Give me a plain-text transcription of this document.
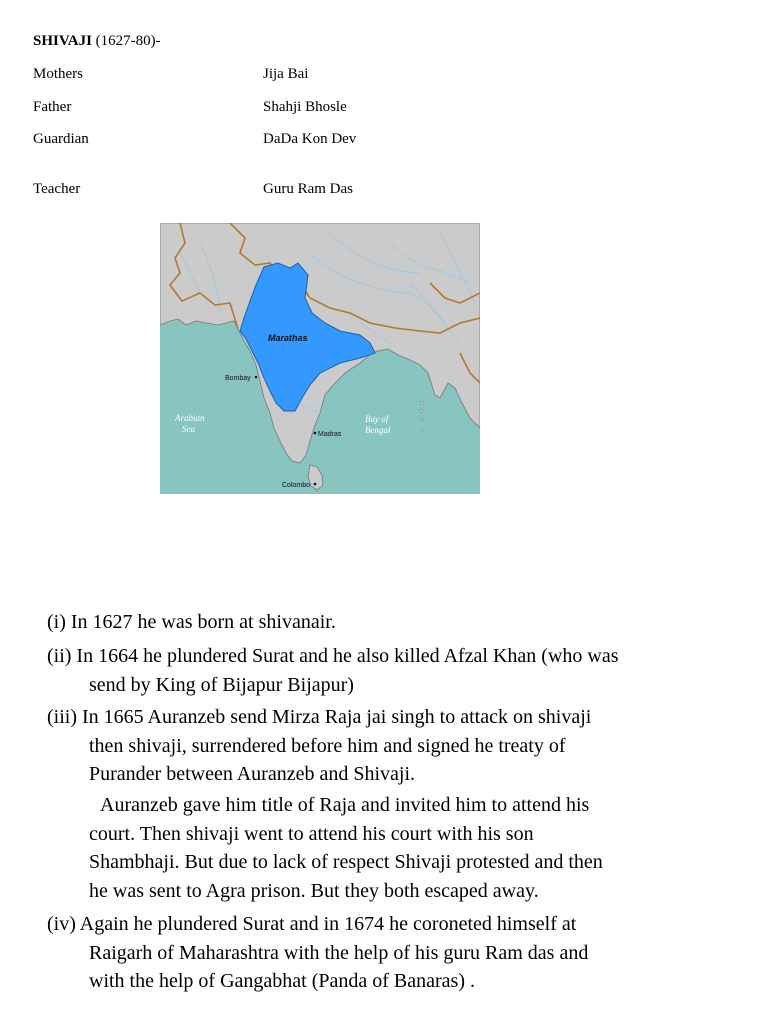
SHIVAJI (1627-80)-
Mothers	Jija Bai
Father	Shahji Bhosle
Guardian	DaDa Kon Dev
Teacher	Guru Ram Das
Marathas
Bombay
Madras
Colombo
Arabian
Sea
Bay of
Bengal
(i) In 1627 he was born at shivanair.
(ii) In 1664 he plundered Surat and he also killed Afzal Khan (who was
send by King of Bijapur Bijapur)
(iii) In 1665 Auranzeb send Mirza Raja jai singh to attack on shivaji
then shivaji, surrendered before him and signed he treaty of
Purander between Auranzeb and Shivaji.
Auranzeb gave him title of Raja and invited him to attend his
court. Then shivaji went to attend his court with his son
Shambhaji. But due to lack of respect Shivaji protested and then
he was sent to Agra prison. But they both escaped away.
(iv) Again he plundered Surat and in 1674 he coroneted himself at
Raigarh of Maharashtra with the help of his guru Ram das and
with the help of Gangabhat (Panda of Banaras) .
